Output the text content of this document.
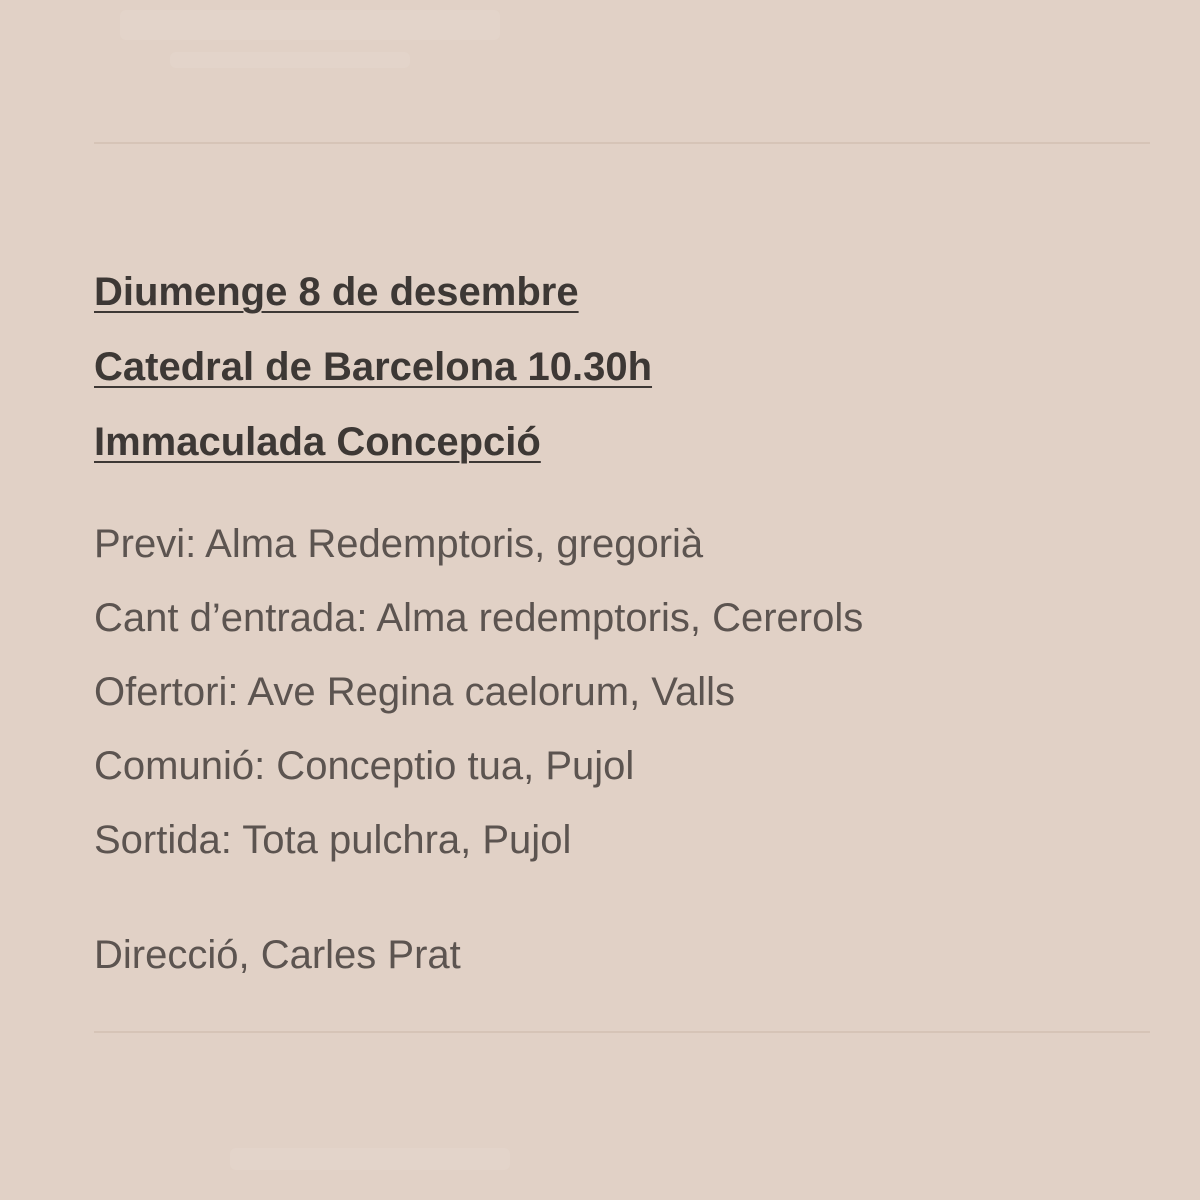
Diumenge 8 de desembre
Catedral de Barcelona 10.30h
Immaculada Concepció
Previ: Alma Redemptoris, gregorià
Cant d’entrada: Alma redemptoris, Cererols
Ofertori: Ave Regina caelorum, Valls
Comunió: Conceptio tua, Pujol
Sortida: Tota pulchra, Pujol

Direcció, Carles Prat
